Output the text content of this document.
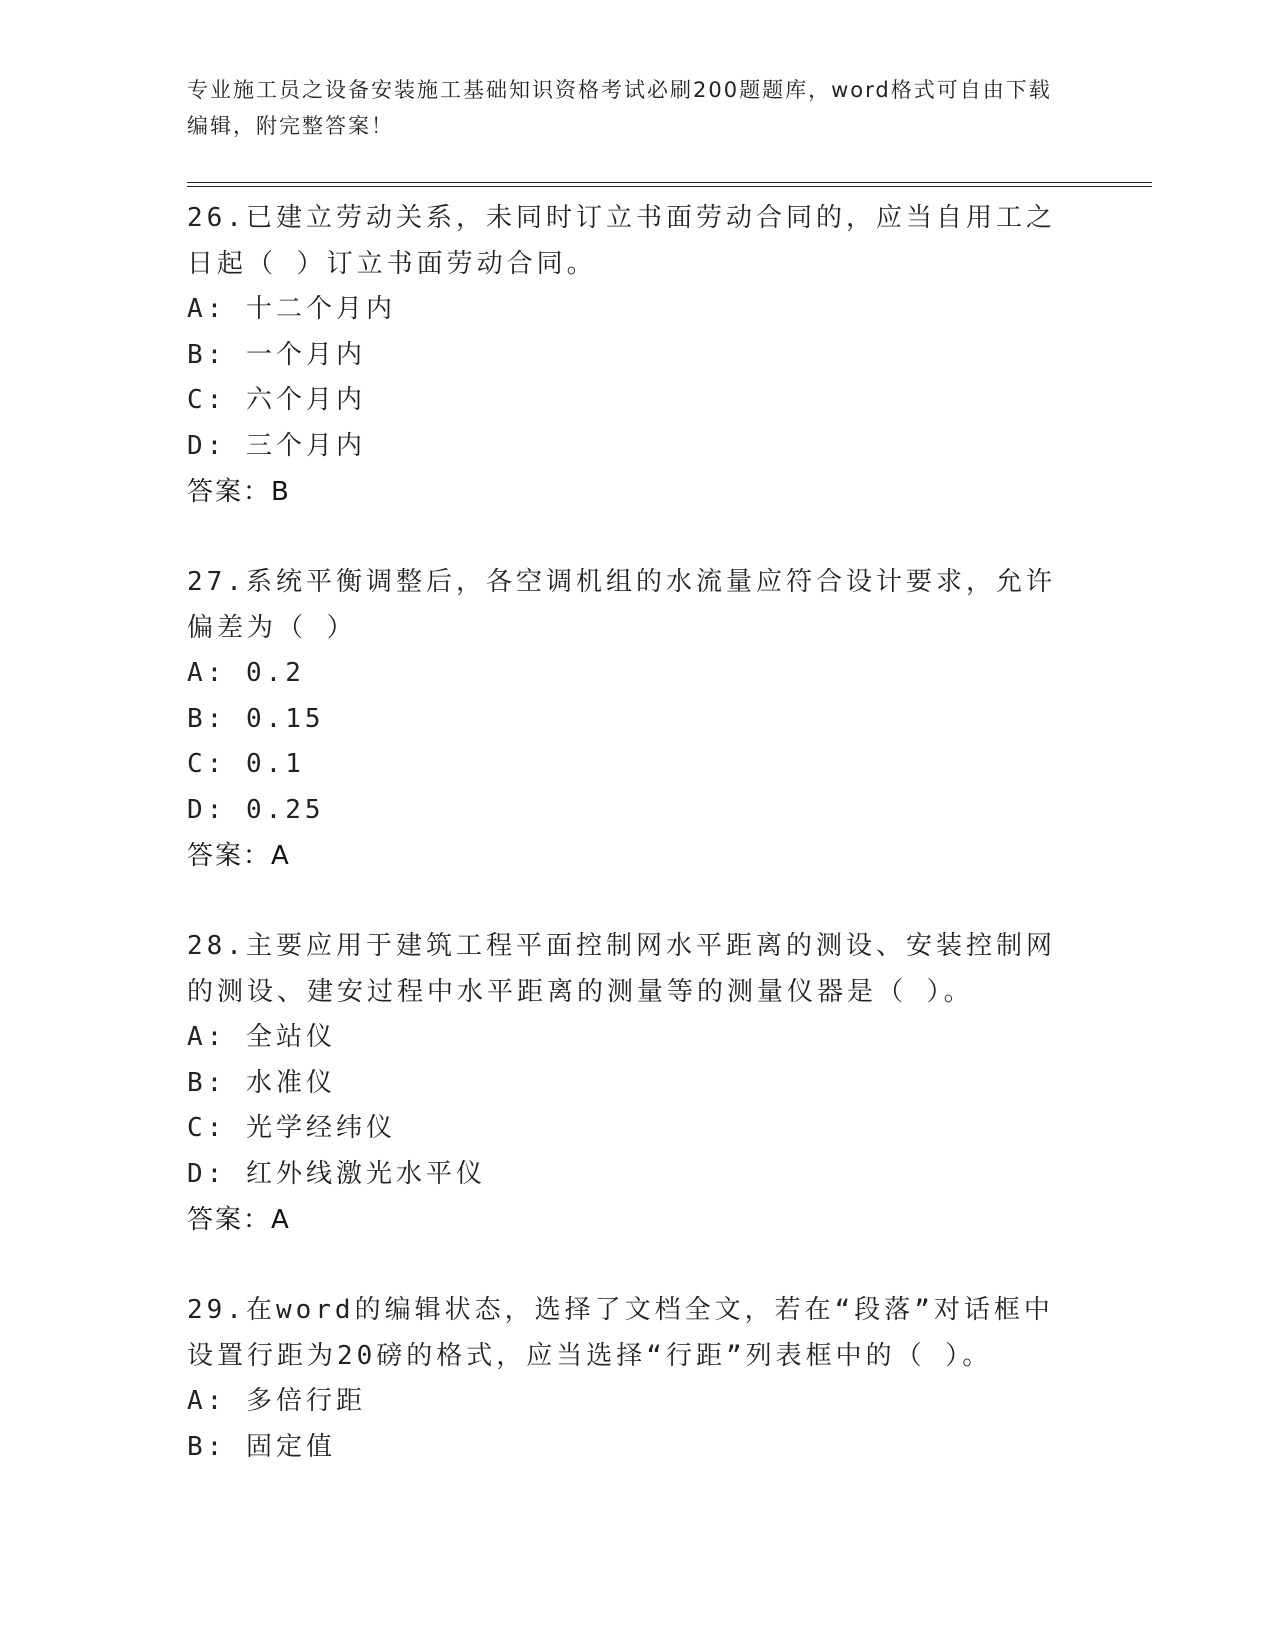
专业施工员之设备安装施工基础知识资格考试必刷200题题库，word格式可自由下载编辑，附完整答案！
26.已建立劳动关系，未同时订立书面劳动合同的，应当自用工之日起（ ）订立书面劳动合同。
A: 十二个月内
B: 一个月内
C: 六个月内
D: 三个月内
答案：B
27.系统平衡调整后，各空调机组的水流量应符合设计要求，允许偏差为（ ）
A: 0.2
B: 0.15
C: 0.1
D: 0.25
答案：A
28.主要应用于建筑工程平面控制网水平距离的测设、安装控制网的测设、建安过程中水平距离的测量等的测量仪器是（ ）。
A: 全站仪
B: 水准仪
C: 光学经纬仪
D: 红外线激光水平仪
答案：A
29.在word的编辑状态，选择了文档全文，若在“段落”对话框中设置行距为20磅的格式，应当选择“行距”列表框中的（ ）。
A: 多倍行距
B: 固定值
